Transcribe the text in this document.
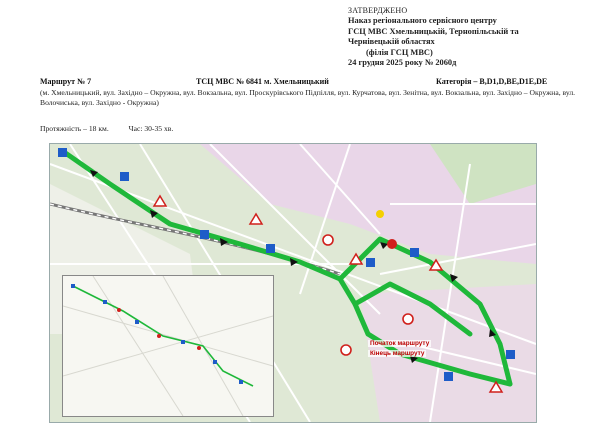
ЗАТВЕРДЖЕНО
Наказ регіонального сервісного центру
ГСЦ МВС Хмельницькій, Тернопільській та
Чернівецькій областях
(філія ГСЦ МВС)
24 грудня 2025 року № 2060д
Маршрут № 7	ТСЦ МВС № 6841 м. Хмельницький	Категорія – B,D1,D,BE,D1E,DE
(м. Хмельницький, вул. Західно – Окружна, вул. Вокзальна, вул. Проскурівського Підпілля, вул. Курчатова, вул. Зенітна, вул. Вокзальна, вул. Західно – Окружна, вул. Волочиська, вул. Західно - Окружна)
Протяжність – 18 км.	Час: 30-35 хв.
Початок маршруту
Кінець маршруту
